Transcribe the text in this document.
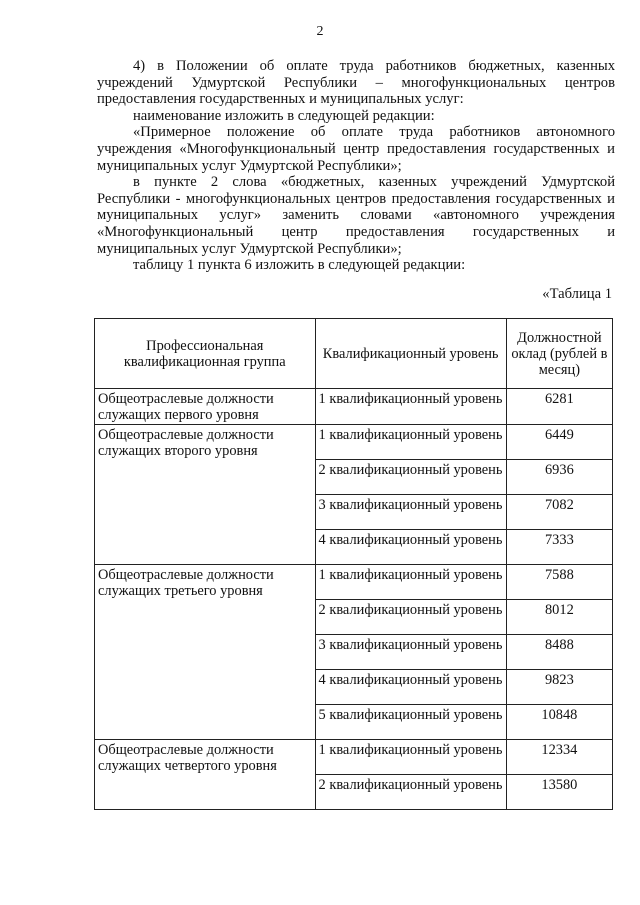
2

4) в Положении об оплате труда работников бюджетных, казенных учреждений Удмуртской Республики – многофункциональных центров предоставления государственных и муниципальных услуг:

наименование изложить в следующей редакции:

«Примерное положение об оплате труда работников автономного учреждения «Многофункциональный центр предоставления государственных и муниципальных услуг Удмуртской Республики»;

в пункте 2 слова «бюджетных, казенных учреждений Удмуртской Республики - многофункциональных центров предоставления государственных и муниципальных услуг» заменить словами «автономного учреждения «Многофункциональный центр предоставления государственных и муниципальных услуг Удмуртской Республики»;

таблицу 1 пункта 6 изложить в следующей редакции:

«Таблица 1
Профессиональная квалификационная группа	Квалификационный уровень	Должностной оклад (рублей в месяц)
Общеотраслевые должности служащих первого уровня	1 квалификационный уровень	6281
Общеотраслевые должности служащих второго уровня	1 квалификационный уровень	6449
	2 квалификационный уровень	6936
	3 квалификационный уровень	7082
	4 квалификационный уровень	7333
Общеотраслевые должности служащих третьего уровня	1 квалификационный уровень	7588
	2 квалификационный уровень	8012
	3 квалификационный уровень	8488
	4 квалификационный уровень	9823
	5 квалификационный уровень	10848
Общеотраслевые должности служащих четвертого уровня	1 квалификационный уровень	12334
	2 квалификационный уровень	13580
